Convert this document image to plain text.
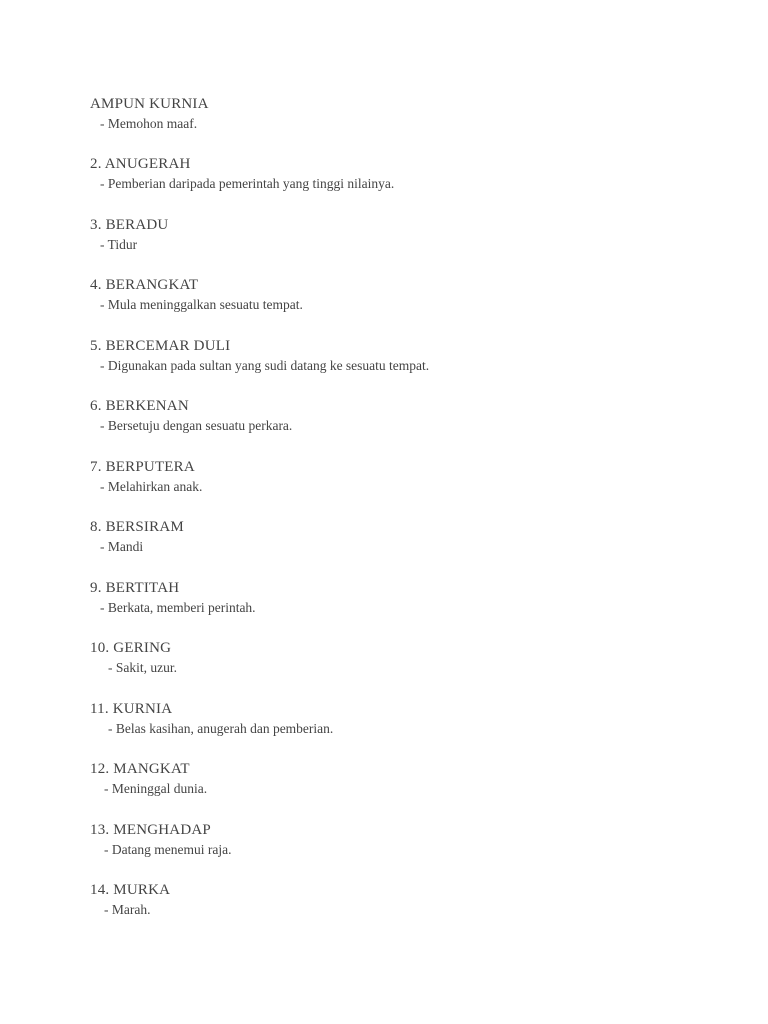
AMPUN KURNIA
- Memohon maaf.
2. ANUGERAH
- Pemberian daripada pemerintah yang tinggi nilainya.
3. BERADU
- Tidur
4. BERANGKAT
- Mula meninggalkan sesuatu tempat.
5. BERCEMAR DULI
- Digunakan pada sultan yang sudi datang ke sesuatu tempat.
6. BERKENAN
- Bersetuju dengan sesuatu perkara.
7. BERPUTERA
- Melahirkan anak.
8. BERSIRAM
- Mandi
9. BERTITAH
- Berkata, memberi perintah.
10. GERING
- Sakit, uzur.
11. KURNIA
- Belas kasihan, anugerah dan pemberian.
12. MANGKAT
- Meninggal dunia.
13. MENGHADAP
- Datang menemui raja.
14. MURKA
- Marah.
